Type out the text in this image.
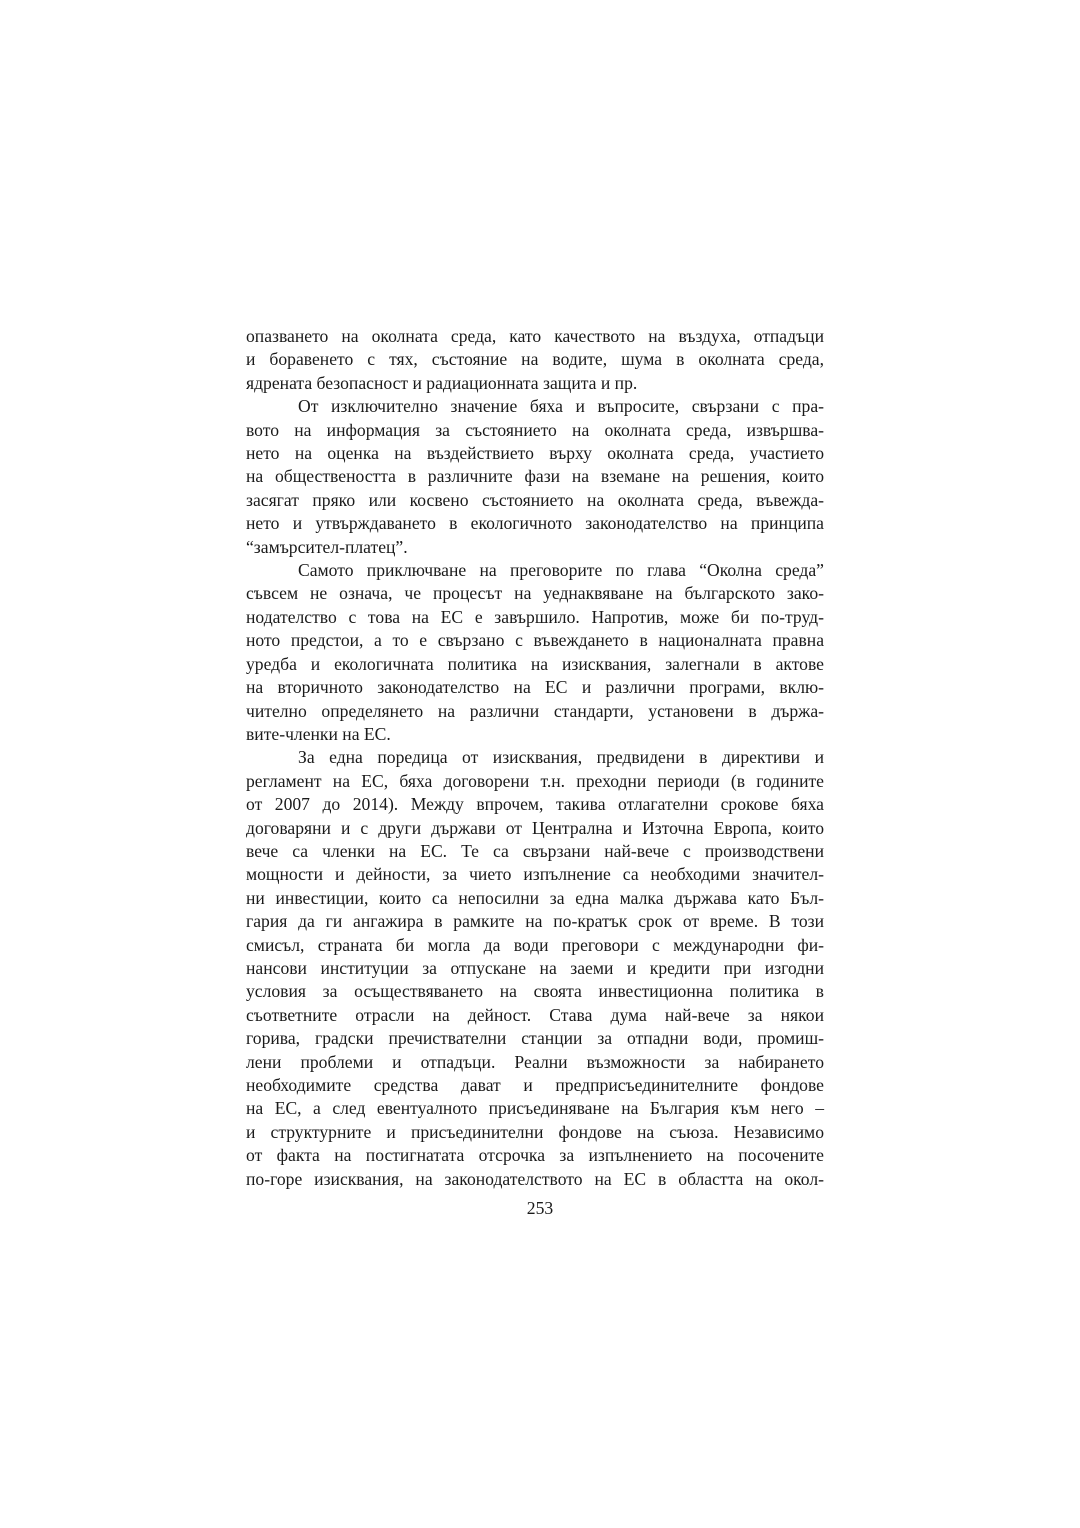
опазването на околната среда, като качеството на въздуха, отпадъци
и боравенето с тях, състояние на водите, шума в околната среда,
ядрената безопасност и радиационната защита и пр.
От изключително значение бяха и въпросите, свързани с пра-
вото на информация за състоянието на околната среда, извършва-
нето на оценка на въздействието върху околната среда, участието
на обществеността в различните фази на вземане на решения, които
засягат пряко или косвено състоянието на околната среда, въвежда-
нето и утвърждаването в екологичното законодателство на принципа
“замърсител-платец”.
Самото приключване на преговорите по глава “Околна среда”
съвсем не означа, че процесът на уеднаквяване на българското зако-
нодателство с това на ЕС е завършило. Напротив, може би по-труд-
ното предстои, а то е свързано с въвеждането в националната правна
уредба и екологичната политика на изисквания, залегнали в актове
на вторичното законодателство на ЕС и различни програми, вклю-
чително определянето на различни стандарти, установени в държа-
вите-членки на ЕС.
За една поредица от изисквания, предвидени в директиви и
регламент на ЕС, бяха договорени т.н. преходни периоди (в годините
от 2007 до 2014). Между впрочем, такива отлагателни срокове бяха
договаряни и с други държави от Централна и Източна Европа, които
вече са членки на ЕС. Те са свързани най-вече с производствени
мощности и дейности, за чието изпълнение са необходими значител-
ни инвестиции, които са непосилни за една малка държава като Бъл-
гария да ги ангажира в рамките на по-кратък срок от време. В този
смисъл, страната би могла да води преговори с международни фи-
нансови институции за отпускане на заеми и кредити при изгодни
условия за осъществяването на своята инвестиционна политика в
съответните отрасли на дейност. Става дума най-вече за някои
горива, градски пречиствателни станции за отпадни води, промиш-
лени проблеми и отпадъци. Реални възможности за набирането
необходимите средства дават и предприсъединителните фондове
на ЕС, а след евентуалното присъединяване на България към него –
и структурните и присъединителни фондове на съюза. Независимо
от факта на постигнатата отсрочка за изпълнението на посочените
по-горе изисквания, на законодателството на ЕС в областта на окол-
253
